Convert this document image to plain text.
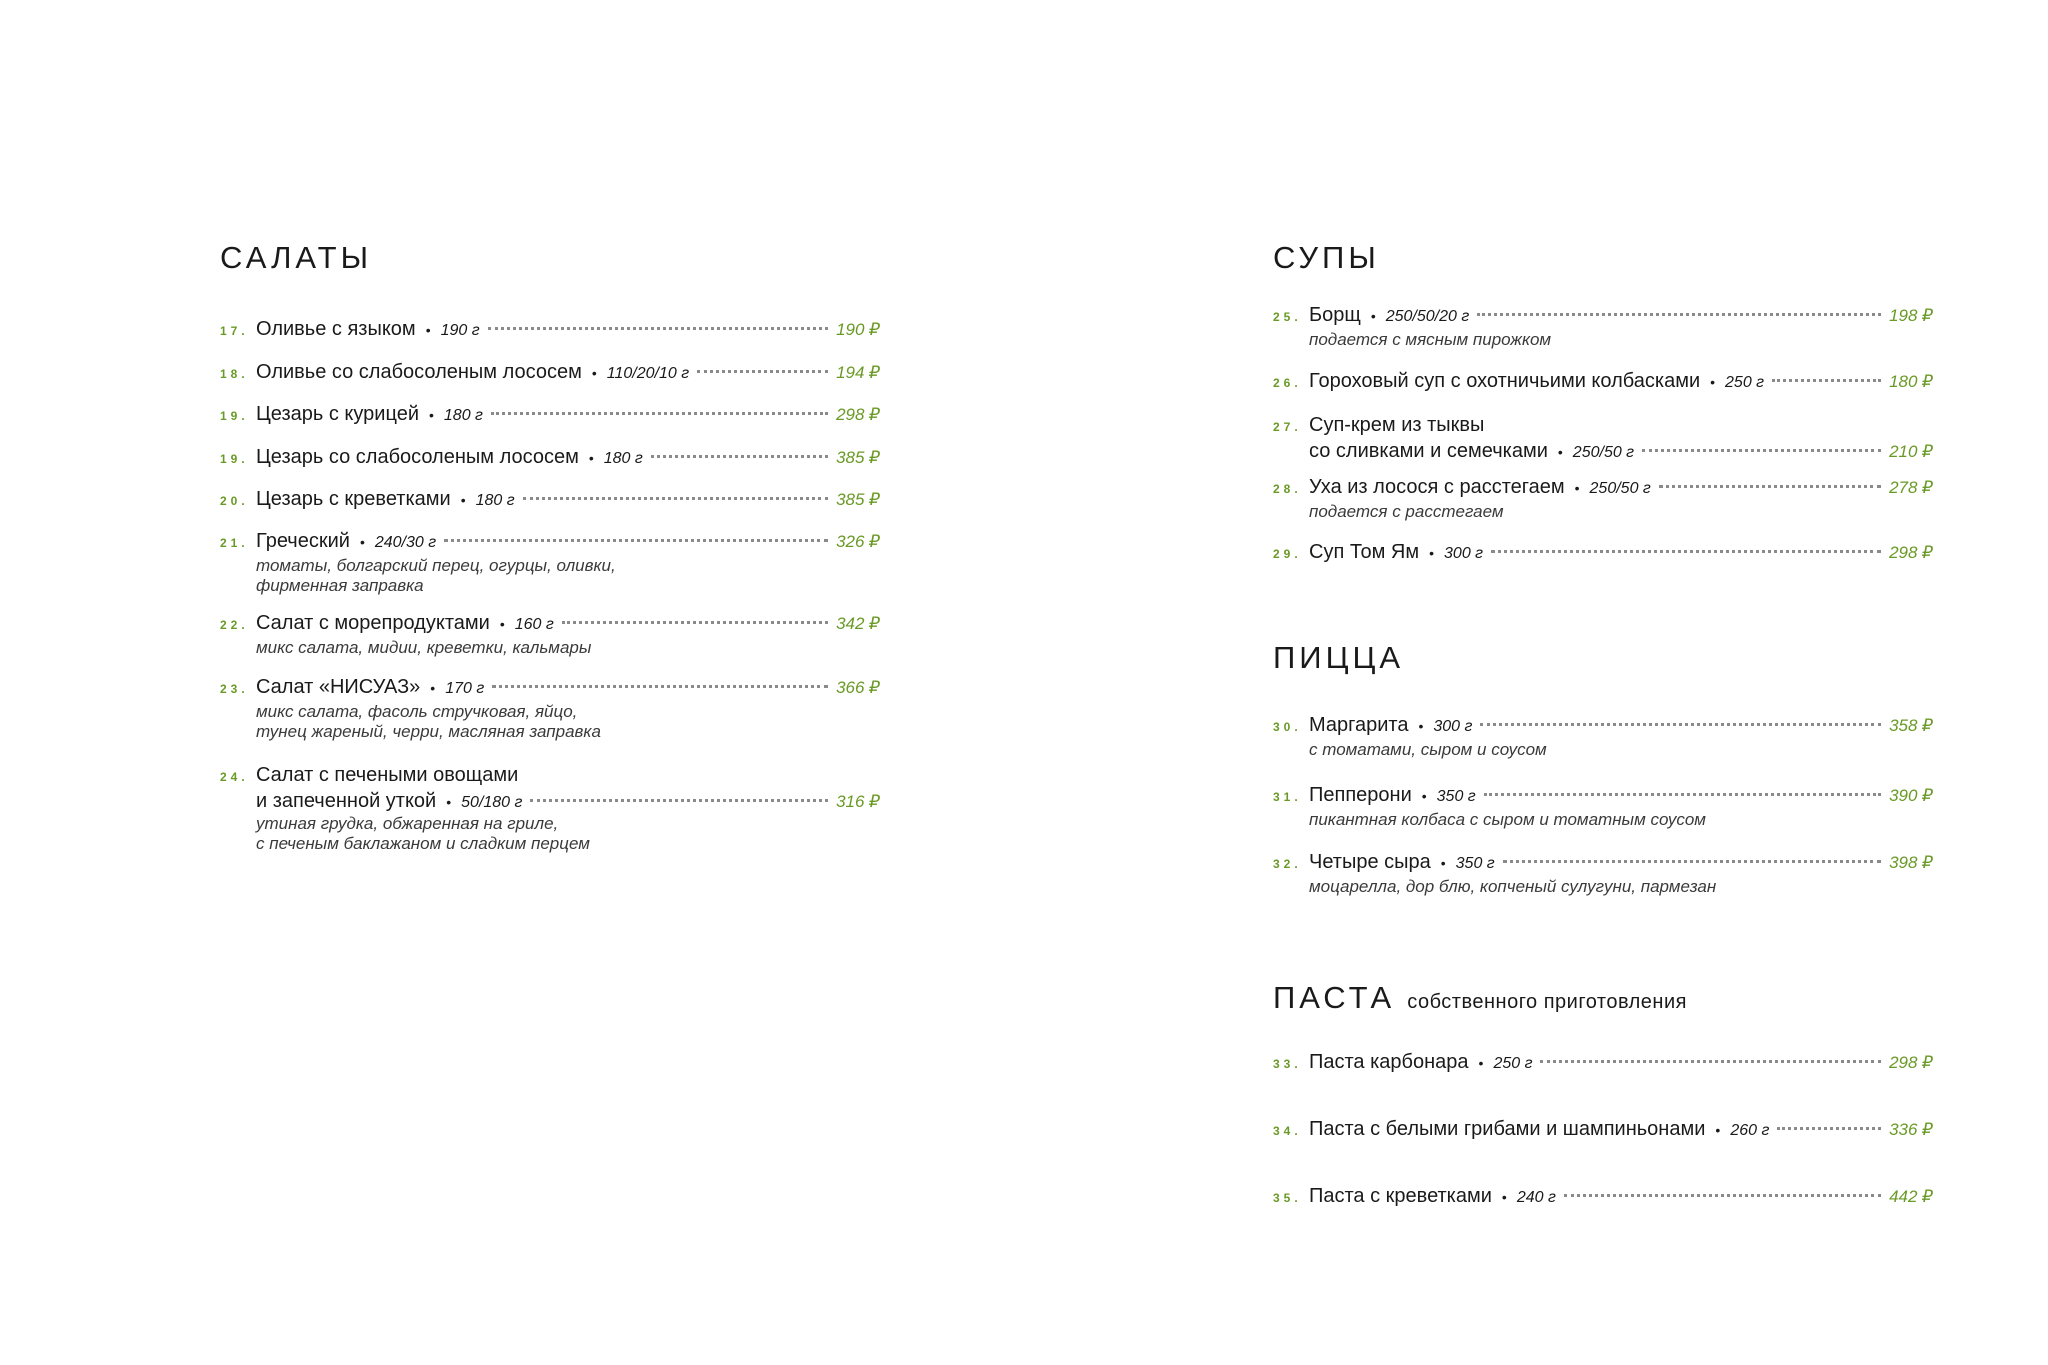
САЛАТЫ
17. Оливье с языком • 190 г	190 ₽
18. Оливье со слабосоленым лососем • 110/20/10 г	194 ₽
19. Цезарь с курицей • 180 г	298 ₽
19. Цезарь со слабосоленым лососем • 180 г	385 ₽
20. Цезарь с креветками • 180 г	385 ₽
21. Греческий • 240/30 г	326 ₽
томаты, болгарский перец, огурцы, оливки,
фирменная заправка
22. Салат с морепродуктами • 160 г	342 ₽
микс салата, мидии, креветки, кальмары
23. Салат «НИСУАЗ» • 170 г	366 ₽
микс салата, фасоль стручковая, яйцо,
тунец жареный, черри, масляная заправка
24. Салат с печеными овощами
и запеченной уткой • 50/180 г	316 ₽
утиная грудка, обжаренная на гриле,
с печеным баклажаном и сладким перцем
СУПЫ
25. Борщ • 250/50/20 г	198 ₽
подается с мясным пирожком
26. Гороховый суп с охотничьими колбасками • 250 г	180 ₽
27. Суп-крем из тыквы
со сливками и семечками • 250/50 г	210 ₽
28. Уха из лосося с расстегаем • 250/50 г	278 ₽
подается с расстегаем
29. Суп Том Ям • 300 г	298 ₽
ПИЦЦА
30. Маргарита • 300 г	358 ₽
с томатами, сыром и соусом
31. Пепперони • 350 г	390 ₽
пикантная колбаса с сыром и томатным соусом
32. Четыре сыра • 350 г	398 ₽
моцарелла, дор блю, копченый сулугуни, пармезан
ПАСТА собственного приготовления
33. Паста карбонара • 250 г	298 ₽
34. Паста с белыми грибами и шампиньонами • 260 г	336 ₽
35. Паста с креветками • 240 г	442 ₽
